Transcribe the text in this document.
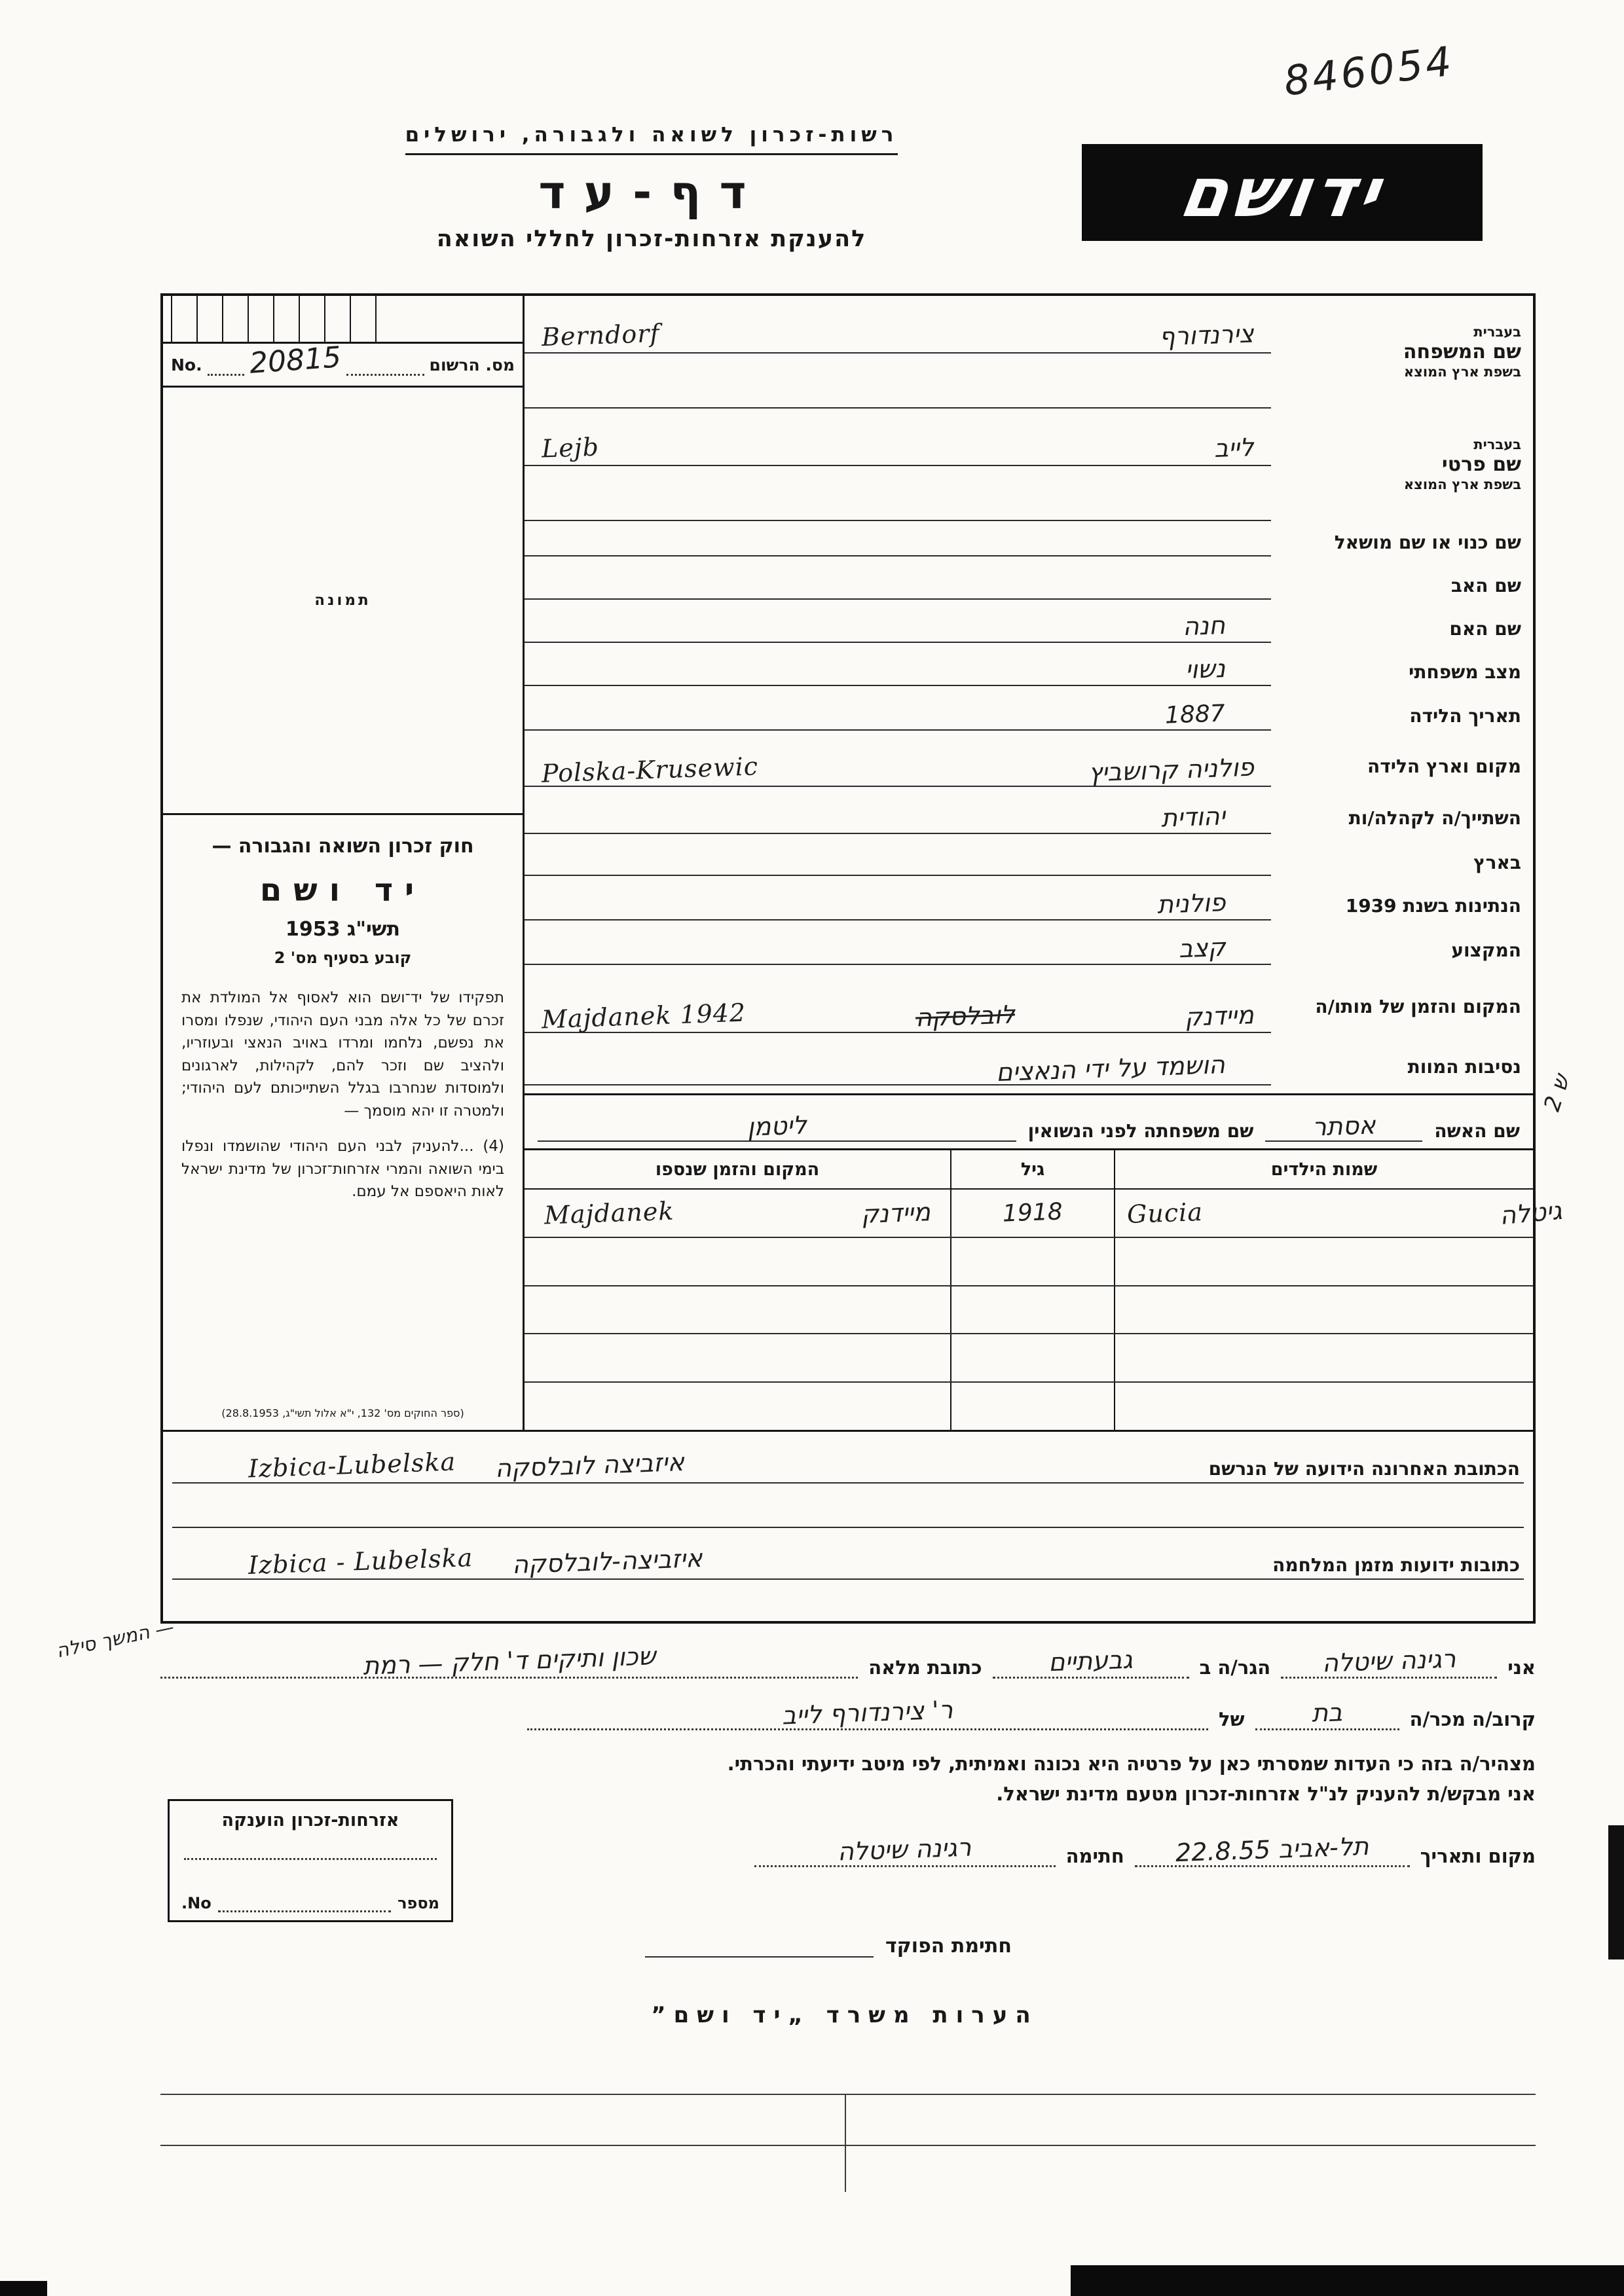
846054
רשות-זכרון לשואה ולגבורה, ירושלים
דף-עד
להענקת אזרחות-זכרון לחללי השואה
ידושם
בעברית
שם המשפחה
בשפת ארץ המוצא
צירנדורף
Berndorf
בעברית
שם פרטי
בשפת ארץ המוצא
לייב
Lejb
שם כנוי או שם מושאל
שם האב
שם האם
חנה
מצב משפחתי
נשוי
תאריך הלידה
1887
מקום וארץ הלידה
פולניה קרושביץ
Polska-Krusewic
השתייך/ה לקהלה/ות
יהודית
בארץ
הנתינות בשנת 1939
פולנית
המקצוע
קצב
המקום והזמן של מותו/ה
מיידנק
לובלסקה
Majdanek 1942
נסיבות המוות
הושמד על ידי הנאצים
שם האשה
אסתר
שם משפחתה לפני הנשואין
ליטמן
שמות הילדים
גיל
המקום והזמן שנספו
גיטלה
Gucia
1918
מיידנק
Majdanek
No. 20815	מס. הרשום
תמונה
חוק זכרון השואה והגבורה —
יד ושם
תשי"ג 1953
קובע בסעיף מס' 2

תפקידו של יד־ושם הוא לאסוף אל המולדת את זכרם של כל אלה מבני העם היהודי, שנפלו ומסרו את נפשם, נלחמו ומרדו באויב הנאצי ובעוזריו, ולהציב שם וזכר להם, לקהילות, לארגונים ולמוסדות שנחרבו בגלל השתייכותם לעם היהודי; ולמטרה זו יהא מוסמך —

(4) ...להעניק לבני העם היהודי שהושמדו ונפלו בימי השואה והמרי אזרחות־זכרון של מדינת ישראל לאות היאספם אל עמם.

(ספר החוקים מס' 132, י"א אלול תשי"ג, 28.8.1953)
הכתובת האחרונה הידועה של הנרשם
Izbica-Lubelska איזביצה לובלסקה
כתובות ידועות מזמן המלחמה
Izbica - Lubelska איזביצה-לובלסקה
אני
רגינה שיטלה
הגר/ה ב
גבעתיים
כתובת מלאה
שכון ותיקים ד' חלק — רמת
קרוב/ה מכר/ה
בת
של
ר' צירנדורף לייב
מצהיר/ה בזה כי העדות שמסרתי כאן על פרטיה היא נכונה ואמיתית, לפי מיטב ידיעתי והכרתי.
אני מבקש/ת להעניק לנ"ל אזרחות-זכרון מטעם מדינת ישראל.
מקום ותאריך
תל-אביב 22.8.55
חתימה
רגינה שיטלה
אזרחות-זכרון הוענקה
מספר
No.
חתימת הפוקד
הערות משרד „יד ושם”
ש 2
— המשך סילה
